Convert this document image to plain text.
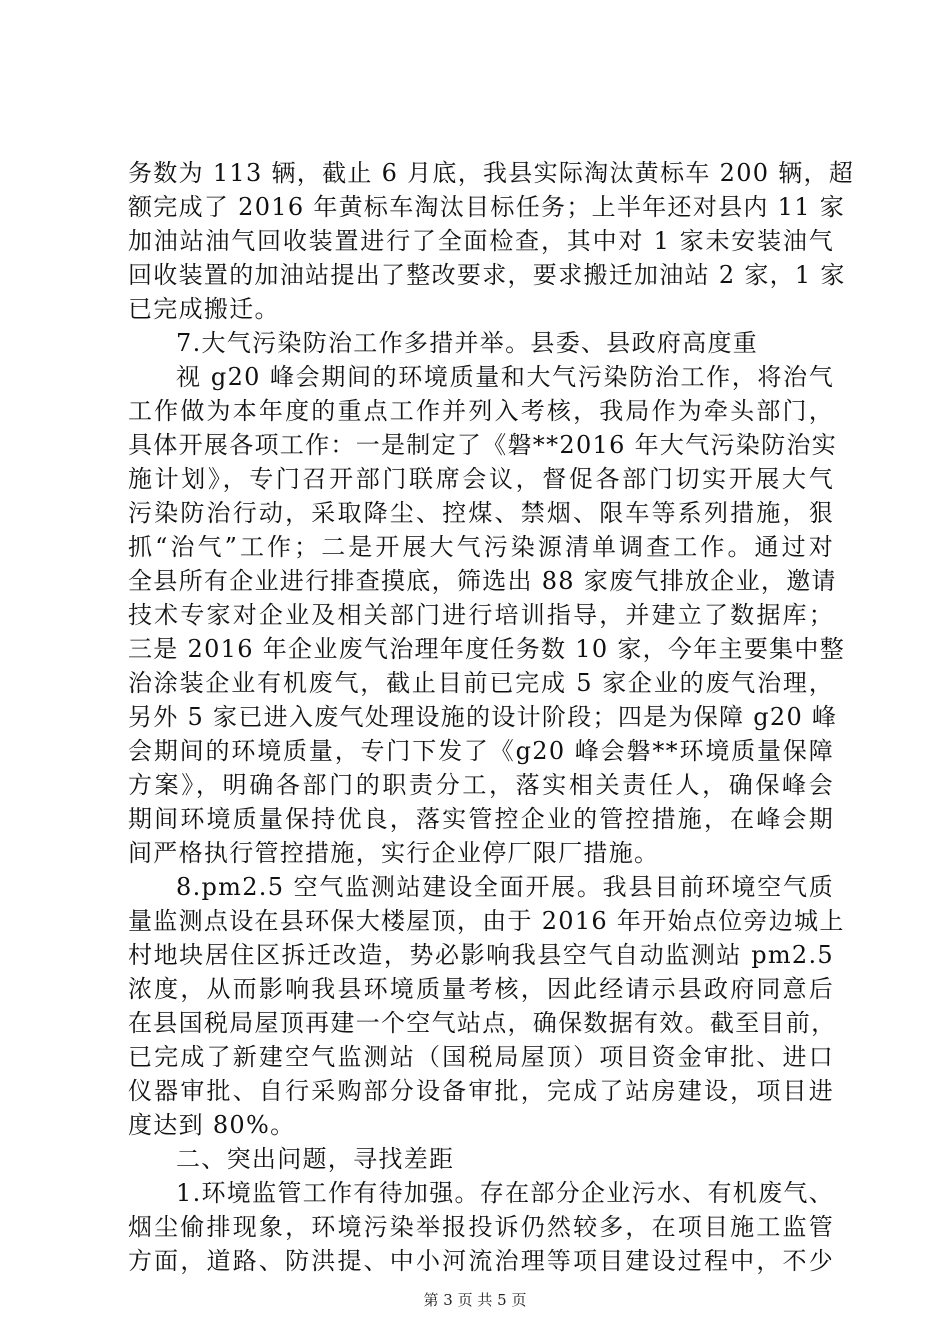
务数为 113 辆，截止 6 月底，我县实际淘汰黄标车 200 辆，超
额完成了 2016 年黄标车淘汰目标任务；上半年还对县内 11 家
加油站油气回收装置进行了全面检查，其中对 1 家未安装油气
回收装置的加油站提出了整改要求，要求搬迁加油站 2 家，1 家
已完成搬迁。
7.大气污染防治工作多措并举。县委、县政府高度重
视 g20 峰会期间的环境质量和大气污染防治工作，将治气
工作做为本年度的重点工作并列入考核，我局作为牵头部门，
具体开展各项工作：一是制定了《磐**2016 年大气污染防治实
施计划》，专门召开部门联席会议，督促各部门切实开展大气
污染防治行动，采取降尘、控煤、禁烟、限车等系列措施，狠
抓“治气”工作；二是开展大气污染源清单调查工作。通过对
全县所有企业进行排查摸底，筛选出 88 家废气排放企业，邀请
技术专家对企业及相关部门进行培训指导，并建立了数据库；
三是 2016 年企业废气治理年度任务数 10 家，今年主要集中整
治涂装企业有机废气，截止目前已完成 5 家企业的废气治理，
另外 5 家已进入废气处理设施的设计阶段；四是为保障 g20 峰
会期间的环境质量，专门下发了《g20 峰会磐**环境质量保障
方案》，明确各部门的职责分工，落实相关责任人，确保峰会
期间环境质量保持优良，落实管控企业的管控措施，在峰会期
间严格执行管控措施，实行企业停厂限厂措施。
8.pm2.5 空气监测站建设全面开展。我县目前环境空气质
量监测点设在县环保大楼屋顶，由于 2016 年开始点位旁边城上
村地块居住区拆迁改造，势必影响我县空气自动监测站 pm2.5
浓度，从而影响我县环境质量考核，因此经请示县政府同意后
在县国税局屋顶再建一个空气站点，确保数据有效。截至目前，
已完成了新建空气监测站（国税局屋顶）项目资金审批、进口
仪器审批、自行采购部分设备审批，完成了站房建设，项目进
度达到 80%。
二、突出问题，寻找差距
1.环境监管工作有待加强。存在部分企业污水、有机废气、
烟尘偷排现象，环境污染举报投诉仍然较多，在项目施工监管
方面，道路、防洪提、中小河流治理等项目建设过程中，不少
第 3 页 共 5 页
